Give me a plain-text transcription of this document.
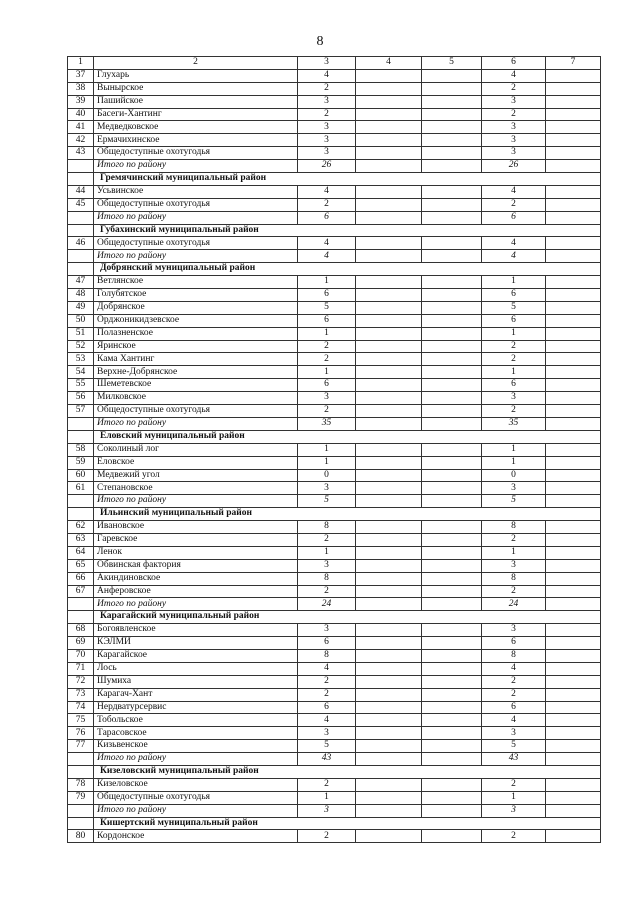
8
1	2	3	4	5	6	7
37	Глухарь	4			4	
38	Вынырское	2			2	
39	Пашийское	3			3	
40	Басеги-Хантинг	2			2	
41	Медведковское	3			3	
42	Ермачихинское	3			3	
43	Общедоступные охотугодья	3			3	
	Итого по району	26			26	
	Гремячинский муниципальный район					
44	Усьвинское	4			4	
45	Общедоступные охотугодья	2			2	
	Итого по району	6			6	
	Губахинский муниципальный район					
46	Общедоступные охотугодья	4			4	
	Итого по району	4			4	
	Добрянский муниципальный район					
47	Ветлянское	1			1	
48	Голубятское	6			6	
49	Добрянское	5			5	
50	Орджоникидзевское	6			6	
51	Полазненское	1			1	
52	Яринское	2			2	
53	Кама Хантинг	2			2	
54	Верхне-Добрянское	1			1	
55	Шеметевское	6			6	
56	Милковское	3			3	
57	Общедоступные охотугодья	2			2	
	Итого по району	35			35	
	Еловский муниципальный район					
58	Соколиный лог	1			1	
59	Еловское	1			1	
60	Медвежий угол	0			0	
61	Степановское	3			3	
	Итого по району	5			5	
	Ильинский муниципальный район					
62	Ивановское	8			8	
63	Гаревское	2			2	
64	Ленок	1			1	
65	Обвинская фактория	3			3	
66	Акиндиновское	8			8	
67	Анферовское	2			2	
	Итого по району	24			24	
	Карагайский муниципальный район					
68	Богоявленское	3			3	
69	КЭЛМИ	6			6	
70	Карагайское	8			8	
71	Лось	4			4	
72	Шумиха	2			2	
73	Карагач-Хант	2			2	
74	Нердватурсервис	6			6	
75	Тобольское	4			4	
76	Тарасовское	3			3	
77	Кизьвенское	5			5	
	Итого по району	43			43	
	Кизеловский муниципальный район					
78	Кизеловское	2			2	
79	Общедоступные охотугодья	1			1	
	Итого по району	3			3	
	Кишертский муниципальный район					
80	Кордонское	2			2	
